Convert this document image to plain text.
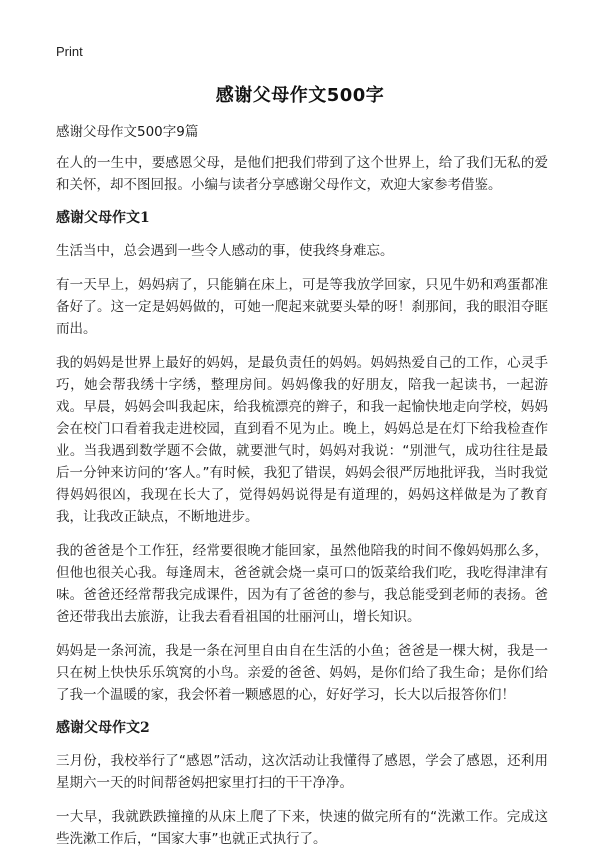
Print
感谢父母作文500字
感谢父母作文500字9篇

在人的一生中，要感恩父母，是他们把我们带到了这个世界上，给了我们无私的爱和关怀，却不图回报。小编与读者分享感谢父母作文，欢迎大家参考借鉴。

感谢父母作文1

生活当中，总会遇到一些令人感动的事，使我终身难忘。

有一天早上，妈妈病了，只能躺在床上，可是等我放学回家，只见牛奶和鸡蛋都准备好了。这一定是妈妈做的，可她一爬起来就要头晕的呀！刹那间，我的眼泪夺眶而出。

我的妈妈是世界上最好的妈妈，是最负责任的妈妈。妈妈热爱自己的工作，心灵手巧，她会帮我绣十字绣，整理房间。妈妈像我的好朋友，陪我一起读书，一起游戏。早晨，妈妈会叫我起床，给我梳漂亮的辫子，和我一起愉快地走向学校，妈妈会在校门口看着我走进校园，直到看不见为止。晚上，妈妈总是在灯下给我检查作业。当我遇到数学题不会做，就要泄气时，妈妈对我说：“别泄气，成功往往是最后一分钟来访问的‘客人。”有时候，我犯了错误，妈妈会很严厉地批评我，当时我觉得妈妈很凶，我现在长大了，觉得妈妈说得是有道理的，妈妈这样做是为了教育我，让我改正缺点，不断地进步。

我的爸爸是个工作狂，经常要很晚才能回家，虽然他陪我的时间不像妈妈那么多，但他也很关心我。每逢周末，爸爸就会烧一桌可口的饭菜给我们吃，我吃得津津有味。爸爸还经常帮我完成课件，因为有了爸爸的参与，我总能受到老师的表扬。爸爸还带我出去旅游，让我去看看祖国的壮丽河山，增长知识。

妈妈是一条河流，我是一条在河里自由自在生活的小鱼；爸爸是一棵大树，我是一只在树上快快乐乐筑窝的小鸟。亲爱的爸爸、妈妈，是你们给了我生命；是你们给了我一个温暖的家，我会怀着一颗感恩的心，好好学习，长大以后报答你们！

感谢父母作文2

三月份，我校举行了“感恩”活动，这次活动让我懂得了感恩，学会了感恩，还利用星期六一天的时间帮爸妈把家里打扫的干干净净。

一大早，我就跌跌撞撞的从床上爬了下来，快速的做完所有的“洗漱工作。完成这些洗漱工作后，“国家大事”也就正式执行了。
